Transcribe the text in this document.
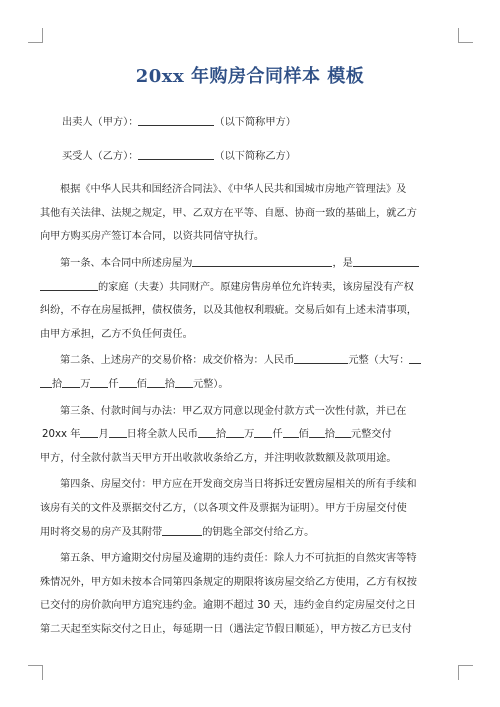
20xx 年购房合同样本 模板
出卖人（甲方）：	（以下简称甲方）
买受人（乙方）：	（以下简称乙方）
根据《中华人民共和国经济合同法》、《中华人民共和国城市房地产管理法》及
其他有关法律、法规之规定，甲、乙双方在平等、自愿、协商一致的基础上，就乙方
向甲方购买房产签订本合同，以资共同信守执行。
第一条、本合同中所述房屋为	，是
的家庭（夫妻）共同财产。原建房售房单位允许转卖，该房屋没有产权
纠纷，不存在房屋抵押，债权债务，以及其他权利瑕疵。交易后如有上述未清事项，
由甲方承担，乙方不负任何责任。
第二条、上述房产的交易价格：成交价格为：人民币	元整（大写：
拾 万 仟 佰 拾 元整）。
第三条、付款时间与办法：甲乙双方同意以现金付款方式一次性付款，并已在
20xx 年 月 日将全款人民币 拾 万 仟 佰 拾 元整交付
甲方，付全款付款当天甲方开出收款收条给乙方，并注明收款数额及款项用途。
第四条、房屋交付：甲方应在开发商交房当日将拆迁安置房屋相关的所有手续和
该房有关的文件及票据交付乙方，（以各项文件及票据为证明）。甲方于房屋交付使
用时将交易的房产及其附带	的钥匙全部交付给乙方。
第五条、甲方逾期交付房屋及逾期的违约责任：除人力不可抗拒的自然灾害等特
殊情况外，甲方如未按本合同第四条规定的期限将该房屋交给乙方使用，乙方有权按
已交付的房价款向甲方追究违约金。逾期不超过 30 天，违约金自约定房屋交付之日
第二天起至实际交付之日止，每延期一日（遇法定节假日顺延），甲方按乙方已支付
